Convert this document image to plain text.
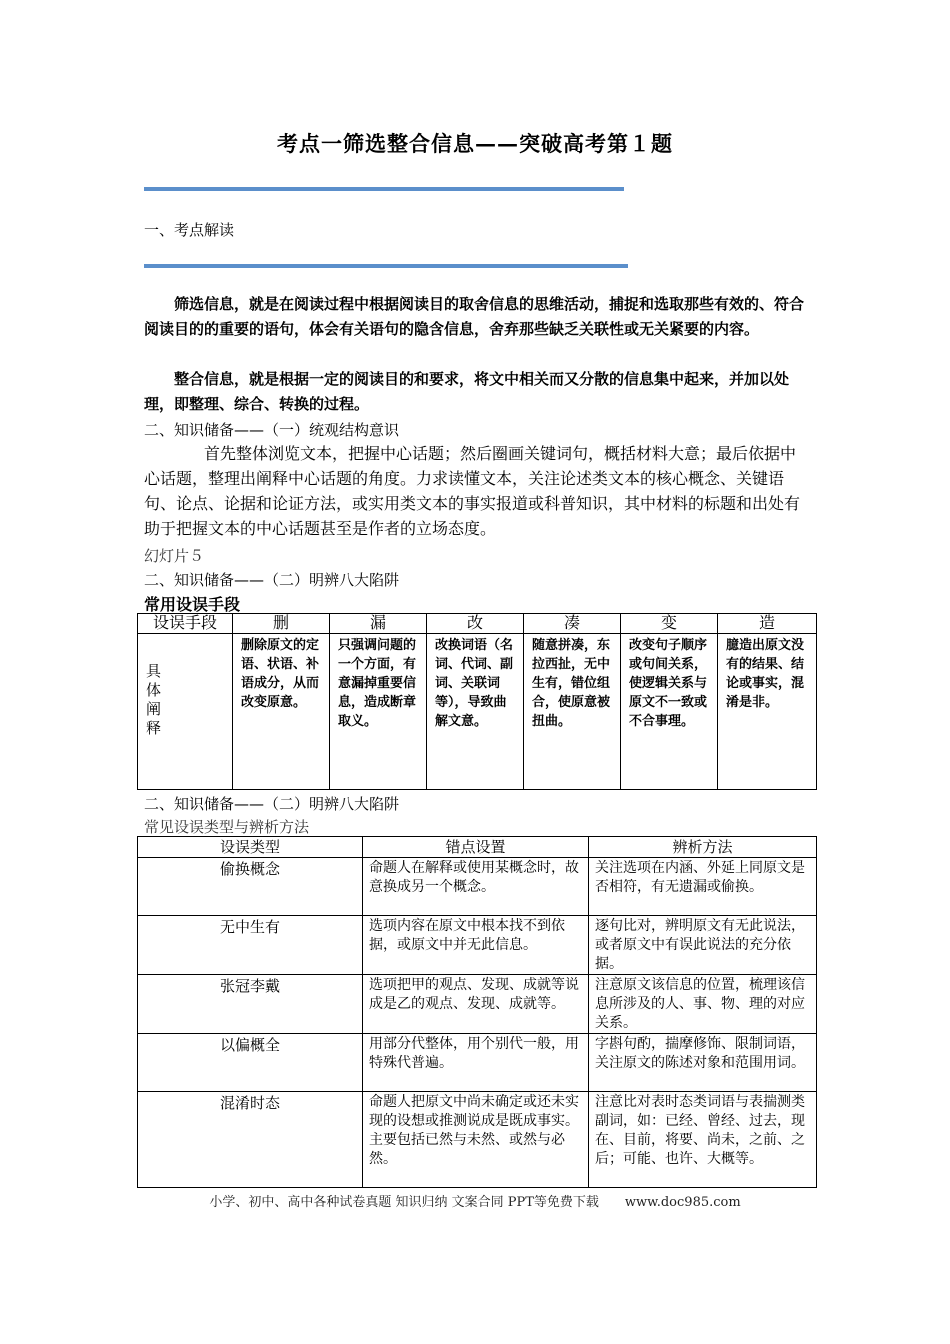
考点一筛选整合信息——突破高考第１题
一、考点解读
筛选信息，就是在阅读过程中根据阅读目的取舍信息的思维活动，捕捉和选取那些有效的、符合阅读目的的重要的语句，体会有关语句的隐含信息，舍弃那些缺乏关联性或无关紧要的内容。
整合信息，就是根据一定的阅读目的和要求，将文中相关而又分散的信息集中起来，并加以处理，即整理、综合、转换的过程。
二、知识储备——（一）统观结构意识
首先整体浏览文本，把握中心话题；然后圈画关键词句，概括材料大意；最后依据中心话题，整理出阐释中心话题的角度。力求读懂文本，关注论述类文本的核心概念、关键语句、论点、论据和论证方法，或实用类文本的事实报道或科普知识，其中材料的标题和出处有助于把握文本的中心话题甚至是作者的立场态度。
幻灯片５
二、知识储备——（二）明辨八大陷阱
常用设误手段
设误手段	删	漏	改	凑	变	造

具体阐释	删除原文的定语、状语、补语成分，从而改变原意。	只强调问题的一个方面，有意漏掉重要信息，造成断章取义。	改换词语（名词、代词、副词、关联词等），导致曲解文意。	随意拼凑，东拉西扯，无中生有，错位组合，使原意被扭曲。	改变句子顺序或句间关系，使逻辑关系与原文不一致或不合事理。	臆造出原文没有的结果、结论或事实，混淆是非。
二、知识储备——（二）明辨八大陷阱
常见设误类型与辨析方法
设误类型	错点设置	辨析方法
偷换概念	命题人在解释或使用某概念时，故意换成另一个概念。	关注选项在内涵、外延上同原文是否相符，有无遗漏或偷换。
无中生有	选项内容在原文中根本找不到依据，或原文中并无此信息。	逐句比对，辨明原文有无此说法，或者原文中有误此说法的充分依据。
张冠李戴	选项把甲的观点、发现、成就等说成是乙的观点、发现、成就等。	注意原文该信息的位置，梳理该信息所涉及的人、事、物、理的对应关系。
以偏概全	用部分代整体，用个别代一般，用特殊代普遍。	字斟句酌，揣摩修饰、限制词语，关注原文的陈述对象和范围用词。
混淆时态	命题人把原文中尚未确定或还未实现的设想或推测说成是既成事实。主要包括已然与未然、或然与必然。	注意比对表时态类词语与表揣测类副词，如：已经、曾经、过去，现在、目前，将要、尚未，之前、之后；可能、也许、大概等。
小学、初中、高中各种试卷真题 知识归纳 文案合同 PPT等免费下载　　www.doc985.com
